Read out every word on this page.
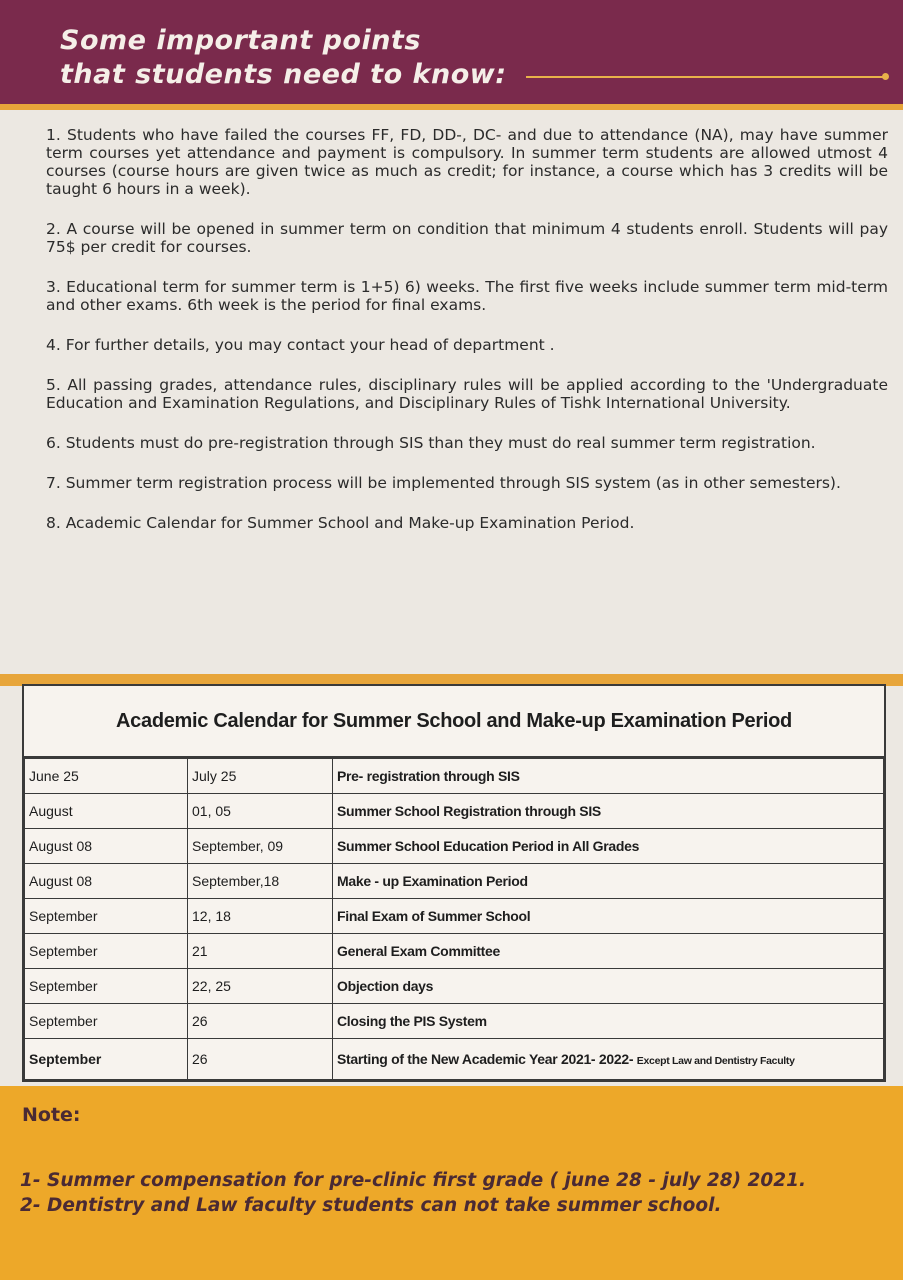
Some important points
that students need to know:

1. Students who have failed the courses FF, FD, DD-, DC- and due to attendance (NA), may have summer term courses yet attendance and payment is compulsory. In summer term students are allowed utmost 4 courses (course hours are given twice as much as credit; for instance, a course which has 3 credits will be taught 6 hours in a week).

2. A course will be opened in summer term on condition that minimum 4 students enroll. Students will pay 75$ per credit for courses.

3. Educational term for summer term is 1+5) 6) weeks. The first five weeks include summer term mid-term and other exams. 6th week is the period for final exams.

4. For further details, you may contact your head of department .

5. All passing grades, attendance rules, disciplinary rules will be applied according to the 'Undergraduate Education and Examination Regulations, and Disciplinary Rules of Tishk International University.

6. Students must do pre-registration through SIS than they must do real summer term registration.

7. Summer term registration process will be implemented through SIS system (as in other semesters).

8. Academic Calendar for Summer School and Make-up Examination Period.

Academic Calendar for Summer School and Make-up Examination Period
June 25	July 25	Pre- registration through SIS
August	01, 05	Summer School Registration through SIS
August 08	September, 09	Summer School Education Period in All Grades
August 08	September,18	Make - up Examination Period
September	12, 18	Final Exam of Summer School
September	21	General Exam Committee
September	22, 25	Objection days
September	26	Closing the PIS System
September	26	Starting of the New Academic Year 2021- 2022- Except Law and Dentistry Faculty
Note:
1- Summer compensation for pre-clinic first grade ( june 28 - july 28) 2021.
2- Dentistry and Law faculty students can not take summer school.
